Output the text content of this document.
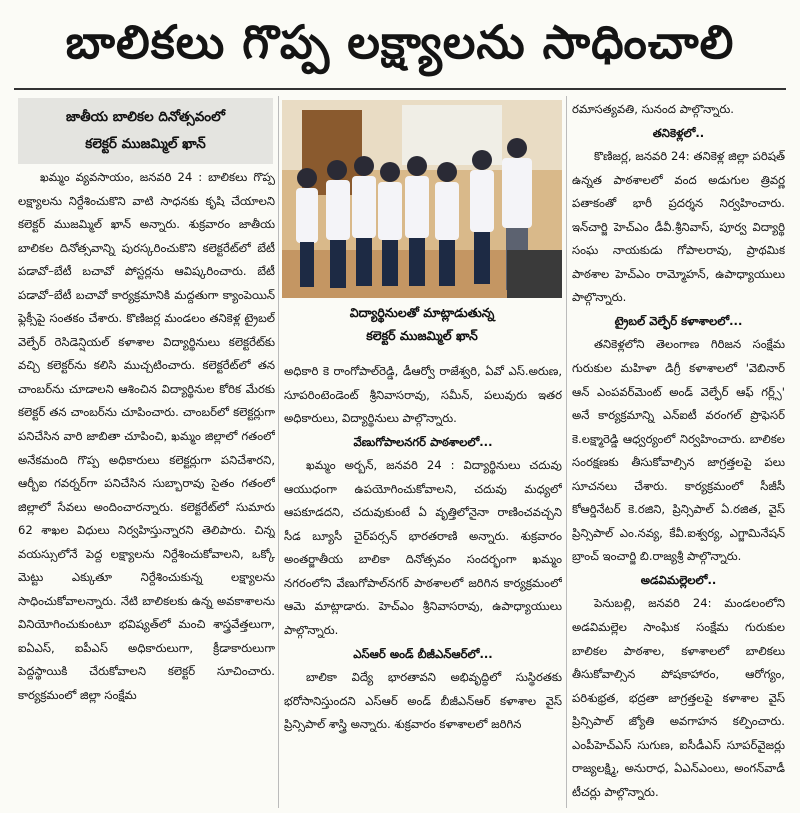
బాలికలు గొప్ప లక్ష్యాలను సాధించాలి
జాతీయ బాలికల దినోత్సవంలో
కలెక్టర్ ముజమ్మిల్ ఖాన్

ఖమ్మం వ్యవసాయం, జనవరి 24 : బాలికలు గొప్ప లక్ష్యాలను నిర్దేశించుకొని వాటి సాధనకు కృషి చేయాలని కలెక్టర్ ముజమ్మిల్ ఖాన్ అన్నారు. శుక్రవారం జాతీయ బాలికల దినోత్సవాన్ని పురస్కరించుకొని కలెక్టరేట్‌లో బేటీ పడావో–బేటీ బచావో పోస్టర్లను ఆవిష్కరించారు. బేటీ పడావో–బేటీ బచావో కార్యక్రమానికి మద్దతుగా క్యాంపెయిన్ ఫ్లెక్సీపై సంతకం చేశారు. కొణిజర్ల మండలం తనికెళ్ల ట్రైబల్ వెల్ఫేర్ రెసిడెన్షియల్ కళాశాల విద్యార్థినులు కలెక్టరేట్‌కు వచ్చి కలెక్టర్‌ను కలిసి ముచ్చటించారు. కలెక్టరేట్‌లో తన చాంబర్‌ను చూడాలని ఆశించిన విద్యార్థినుల కోరిక మేరకు కలెక్టర్ తన చాంబర్‌ను చూపించారు. చాంబర్‌లో కలెక్టర్లుగా పనిచేసిన వారి జాబితా చూపించి, ఖమ్మం జిల్లాలో గతంలో అనేకమంది గొప్ప అధికారులు కలెక్టర్లుగా పనిచేశారని, ఆర్బీఐ గవర్నర్‌గా పనిచేసిన సుబ్బారావు సైతం గతంలో జిల్లాలో సేవలు అందించారన్నారు. కలెక్టరేట్‌లో సుమారు 62 శాఖల విధులు నిర్వహిస్తున్నారని తెలిపారు. చిన్న వయస్సులోనే పెద్ద లక్ష్యాలను నిర్దేశించుకోవాలని, ఒక్కో మెట్టు ఎక్కుతూ నిర్దేశించుకున్న లక్ష్యాలను సాధించుకోవాలన్నారు. నేటి బాలికలకు ఉన్న అవకాశాలను వినియోగించుకుంటూ భవిష్యత్‌లో మంచి శాస్త్రవేత్తలుగా, ఐఏఎస్, ఐపీఎస్ అధికారులుగా, క్రీడాకారులుగా పెద్దస్థాయికి చేరుకోవాలని కలెక్టర్ సూచించారు. కార్యక్రమంలో జిల్లా సంక్షేమ

విద్యార్థినులతో మాట్లాడుతున్న
కలెక్టర్ ముజమ్మిల్ ఖాన్

అధికారి కె రాంగోపాల్‌రెడ్డి, డీఆర్వో రాజేశ్వరి, ఏవో ఎస్.అరుణ, సూపరింటెండెంట్ శ్రీనివాసరావు, సమీన్, పలువురు ఇతర అధికారులు, విద్యార్థినులు పాల్గొన్నారు.

వేణుగోపాలనగర్ పాఠశాలలో...

ఖమ్మం అర్బన్, జనవరి 24 : విద్యార్థినులు చదువు ఆయుధంగా ఉపయోగించుకోవాలని, చదువు మధ్యలో ఆపకూడదని, చదువుకుంటే ఏ వృత్తిలోనైనా రాణించవచ్చని సీడ బ్యూసీ చైర్‌పర్సన్ భారతరాణి అన్నారు. శుక్రవారం అంతర్జాతీయ బాలికా దినోత్సవం సందర్భంగా ఖమ్మం నగరంలోని వేణుగోపాల్‌నగర్ పాఠశాలలో జరిగిన కార్యక్రమంలో ఆమె మాట్లాడారు. హెచ్ఎం శ్రీనివాసరావు, ఉపాధ్యాయులు పాల్గొన్నారు.

ఎస్ఆర్ అండ్ బీజీఎన్ఆర్‌లో...

బాలికా విద్యే భారతావని అభివృద్ధిలో సుస్థిరతకు భరోసానిస్తుందని ఎస్ఆర్ అండ్ బీజీఎన్ఆర్ కళాశాల వైస్ ప్రిన్సిపాల్ శాస్త్రి అన్నారు. శుక్రవారం కళాశాలలో జరిగిన

రమాసత్యవతి, సునంద పాల్గొన్నారు.

తనికెళ్లలో..

కొణిజర్ల, జనవరి 24: తనికెళ్ల జిల్లా పరిషత్ ఉన్నత పాఠశాలలో వంద అడుగుల త్రివర్ణ పతాకంతో భారీ ప్రదర్శన నిర్వహించారు. ఇన్‌చార్జి హెచ్ఎం డీవీ.శ్రీనివాస్, పూర్వ విద్యార్థి సంఘ నాయకుడు గోపాలరావు, ప్రాథమిక పాఠశాల హెచ్ఎం రామ్మోహన్, ఉపాధ్యాయులు పాల్గొన్నారు.

ట్రైబల్ వెల్ఫేర్ కళాశాలలో...

తనికెళ్లలోని తెలంగాణ గిరిజన సంక్షేమ గురుకుల మహిళా డిగ్రీ కళాశాలలో 'వెబినార్ ఆన్ ఎంపవర్‌మెంట్ అండ్ వెల్ఫేర్ ఆఫ్ గర్ల్స్' అనే కార్యక్రమాన్ని ఎన్ఐటీ వరంగల్ ప్రొఫెసర్ కె.లక్ష్మారెడ్డి ఆధ్వర్యంలో నిర్వహించారు. బాలికల సంరక్షణకు తీసుకోవాల్సిన జాగ్రత్తలపై పలు సూచనలు చేశారు. కార్యక్రమంలో సీజీసీ కోఆర్డినేటర్ కె.రజిని, ప్రిన్సిపాల్ ఏ.రజిత, వైస్ ప్రిన్సిపాల్ ఎం.నవ్య, కేవీ.ఐశ్వర్య, ఎగ్జామినేషన్ బ్రాంచ్ ఇంచార్జి బి.రాజ్యశ్రీ పాల్గొన్నారు.

అడవిమల్లెలలో..

పెనుబల్లి, జనవరి 24: మండలంలోని అడవిమల్లెల సాంఘిక సంక్షేమ గురుకుల బాలికల పాఠశాల, కళాశాలలో బాలికలు తీసుకోవాల్సిన పోషకాహారం, ఆరోగ్యం, పరిశుభ్రత, భద్రతా జాగ్రత్తలపై కళాశాల వైస్ ప్రిన్సిపాల్ జ్యోతి అవగాహన కల్పించారు. ఎంపీహెచ్ఎస్ సుగుణ, ఐసీడీఎస్ సూపర్‌వైజర్లు రాజ్యలక్ష్మి, అనురాధ, ఏఎన్ఎంలు, అంగన్‌వాడీ టీచర్లు పాల్గొన్నారు.
